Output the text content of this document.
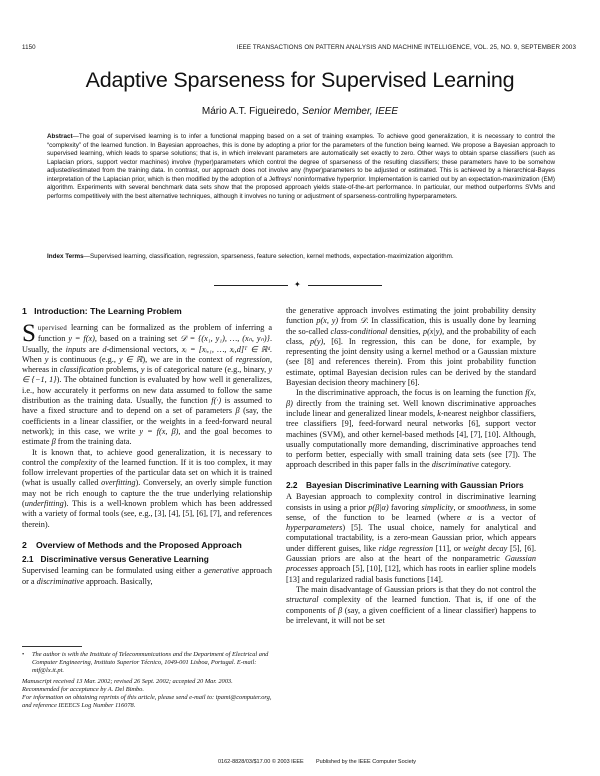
1150	IEEE TRANSACTIONS ON PATTERN ANALYSIS AND MACHINE INTELLIGENCE, VOL. 25, NO. 9, SEPTEMBER 2003
Adaptive Sparseness for Supervised Learning
Mário A.T. Figueiredo, Senior Member, IEEE
Abstract—The goal of supervised learning is to infer a functional mapping based on a set of training examples. To achieve good generalization, it is necessary to control the “complexity” of the learned function. In Bayesian approaches, this is done by adopting a prior for the parameters of the function being learned. We propose a Bayesian approach to supervised learning, which leads to sparse solutions; that is, in which irrelevant parameters are automatically set exactly to zero. Other ways to obtain sparse classifiers (such as Laplacian priors, support vector machines) involve (hyper)parameters which control the degree of sparseness of the resulting classifiers; these parameters have to be somehow adjusted/estimated from the training data. In contrast, our approach does not involve any (hyper)parameters to be adjusted or estimated. This is achieved by a hierarchical-Bayes interpretation of the Laplacian prior, which is then modified by the adoption of a Jeffreys' noninformative hyperprior. Implementation is carried out by an expectation-maximization (EM) algorithm. Experiments with several benchmark data sets show that the proposed approach yields state-of-the-art performance. In particular, our method outperforms SVMs and performs competitively with the best alternative techniques, although it involves no tuning or adjustment of sparseness-controlling hyperparameters.
Index Terms—Supervised learning, classification, regression, sparseness, feature selection, kernel methods, expectation-maximization algorithm.
✦
1 Introduction: The Learning Problem

Supervised learning can be formalized as the problem of inferring a function y = f(x), based on a training set 𝒟 = {(x₁, y₁), …, (xₙ, yₙ)}. Usually, the inputs are d-dimensional vectors, xᵢ = [xᵢ,₁, …, xᵢ,d]ᵀ ∈ ℝᵈ. When y is continuous (e.g., y ∈ ℝ), we are in the context of regression, whereas in classification problems, y is of categorical nature (e.g., binary, y ∈ {−1, 1}). The obtained function is evaluated by how well it generalizes, i.e., how accurately it performs on new data assumed to follow the same distribution as the training data. Usually, the function f(·) is assumed to have a fixed structure and to depend on a set of parameters β (say, the coefficients in a linear classifier, or the weights in a feed-forward neural network); in this case, we write y = f(x, β), and the goal becomes to estimate β from the training data.

It is known that, to achieve good generalization, it is necessary to control the complexity of the learned function. If it is too complex, it may follow irrelevant properties of the particular data set on which it is trained (what is usually called overfitting). Conversely, an overly simple function may not be rich enough to capture the the true underlying relationship (underfitting). This is a well-known problem which has been addressed with a variety of formal tools (see, e.g., [3], [4], [5], [6], [7], and references therein).

2	Overview of Methods and the Proposed Approach
2.1 Discriminative versus Generative Learning

Supervised learning can be formulated using either a generative approach or a discriminative approach. Basically,

•	The author is with the Institute of Telecommunications and the Department of Electrical and Computer Engineering, Instituto Superior Técnico, 1049-001 Lisboa, Portugal. E-mail: mtf@lx.it.pt.
Manuscript received 13 Mar. 2002; revised 26 Sept. 2002; accepted 20 Mar. 2003.
Recommended for acceptance by A. Del Bimbo.
For information on obtaining reprints of this article, please send e-mail to: tpami@computer.org, and reference IEEECS Log Number 116078.

the generative approach involves estimating the joint probability density function p(x, y) from 𝒟. In classification, this is usually done by learning the so-called class-conditional densities, p(x|y), and the probability of each class, p(y), [6]. In regression, this can be done, for example, by representing the joint density using a kernel method or a Gaussian mixture (see [8] and references therein). From this joint probability function estimate, optimal Bayesian decision rules can be derived by the standard Bayesian decision theory machinery [6].

In the discriminative approach, the focus is on learning the function f(x, β) directly from the training set. Well known discriminative approaches include linear and generalized linear models, k-nearest neighbor classifiers, tree classifiers [9], feed-forward neural networks [6], support vector machines (SVM), and other kernel-based methods [4], [7], [10]. Although, usually computationally more demanding, discriminative approaches tend to perform better, especially with small training data sets (see [7]). The approach described in this paper falls in the discriminative category.

2.2	Bayesian Discriminative Learning with Gaussian Priors

A Bayesian approach to complexity control in discriminative learning consists in using a prior p(β|α) favoring simplicity, or smoothness, in some sense, of the function to be learned (where α is a vector of hyperparameters) [5]. The usual choice, namely for analytical and computational tractability, is a zero-mean Gaussian prior, which appears under different guises, like ridge regression [11], or weight decay [5], [6]. Gaussian priors are also at the heart of the nonparametric Gaussian processes approach [5], [10], [12], which has roots in earlier spline models [13] and regularized radial basis functions [14].

The main disadvantage of Gaussian priors is that they do not control the structural complexity of the learned function. That is, if one of the components of β (say, a given coefficient of a linear classifier) happens to be irrelevant, it will not be set

0162-8828/03/$17.00 © 2003 IEEE Published by the IEEE Computer Society
